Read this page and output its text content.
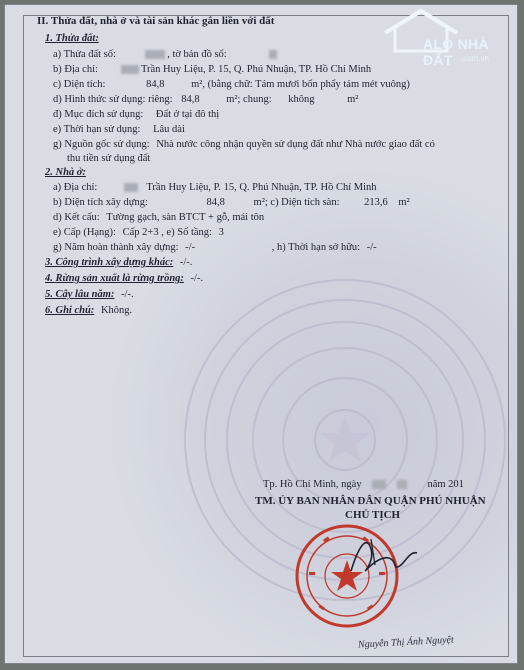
ALO NHÀ ĐẤT	.com.vn
II. Thửa đất, nhà ở và tài sản khác gắn liền với đất
1. Thửa đất:
a) Thửa đất số:	, tờ bản đồ số:
b) Địa chỉ:	Trần Huy Liệu, P. 15, Q. Phú Nhuận, TP. Hồ Chí Minh
c) Diện tích:	84,8	m², (bằng chữ: Tám mươi bốn phẩy tám mét vuông)
d) Hình thức sử dụng: riêng: 84,8	m²; chung: không	m²
đ) Mục đích sử dụng: Đất ở tại đô thị
e) Thời hạn sử dụng: Lâu dài
g) Nguồn gốc sử dụng: Nhà nước công nhận quyền sử dụng đất như Nhà nước giao đất có
thu tiền sử dụng đất
2. Nhà ở:
a) Địa chỉ:	Trần Huy Liệu, P. 15, Q. Phú Nhuận, TP. Hồ Chí Minh
b) Diện tích xây dựng:	84,8	m²; c) Diện tích sàn: 213,6 m²
d) Kết cấu: Tường gạch, sàn BTCT + gỗ, mái tôn
e) Cấp (Hạng): Cấp 2+3 , e) Số tầng: 3
g) Năm hoàn thành xây dựng: -/-	, h) Thời hạn sở hữu: -/-
3. Công trình xây dựng khác: -/-.
4. Rừng sản xuất là rừng trồng: -/-.
5. Cây lâu năm: -/-.
6. Ghi chú: Không.
Tp. Hồ Chí Minh, ngày	năm 201
TM. ỦY BAN NHÂN DÂN QUẬN PHÚ NHUẬN
CHỦ TỊCH
Nguyễn Thị Ánh Nguyệt
